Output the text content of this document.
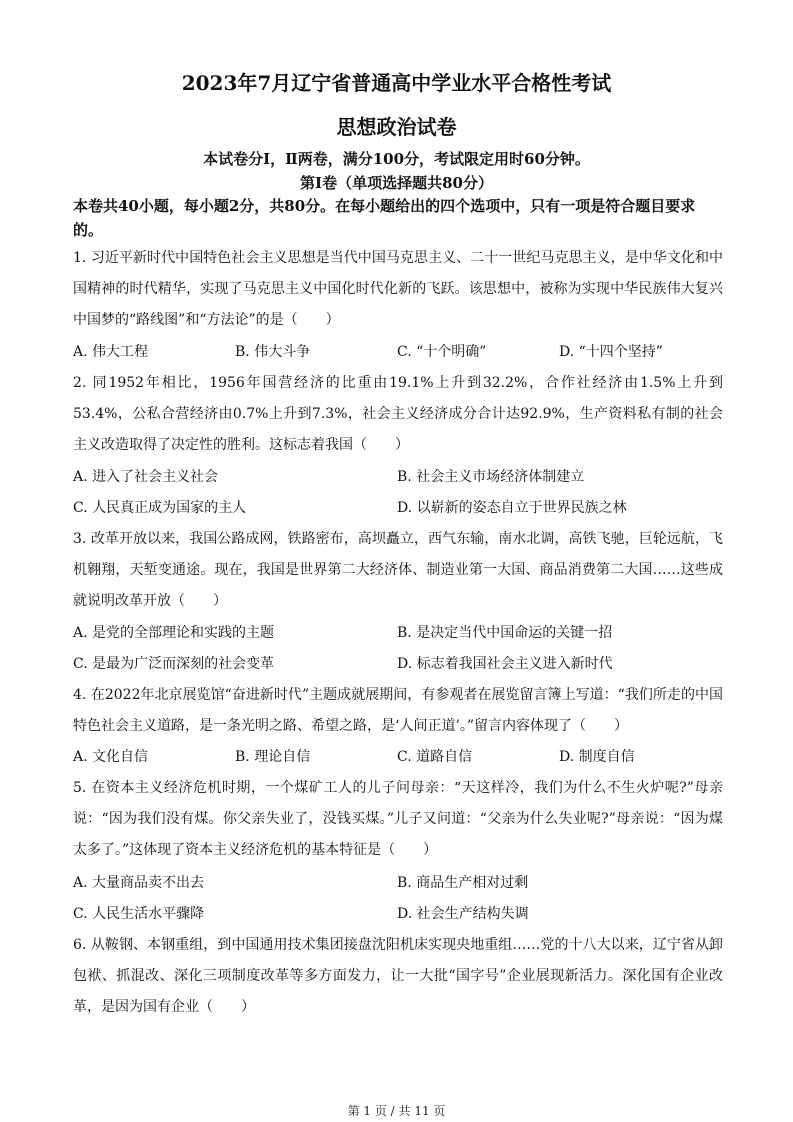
2023年7月辽宁省普通高中学业水平合格性考试
思想政治试卷
本试卷分Ⅰ，Ⅱ两卷，满分100分，考试限定用时60分钟。
第Ⅰ卷（单项选择题共80分）
本卷共40小题，每小题2分，共80分。在每小题给出的四个选项中，只有一项是符合题目要求的。
1. 习近平新时代中国特色社会主义思想是当代中国马克思主义、二十一世纪马克思主义，是中华文化和中国精神的时代精华，实现了马克思主义中国化时代化新的飞跃。该思想中，被称为实现中华民族伟大复兴中国梦的“路线图”和“方法论”的是（　　）
A. 伟大工程	B. 伟大斗争	C. “十个明确”	D. “十四个坚持”
2. 同1952年相比，1956年国营经济的比重由19.1%上升到32.2%，合作社经济由1.5%上升到53.4%，公私合营经济由0.7%上升到7.3%，社会主义经济成分合计达92.9%，生产资料私有制的社会主义改造取得了决定性的胜利。这标志着我国（　　）
A. 进入了社会主义社会	B. 社会主义市场经济体制建立
C. 人民真正成为国家的主人	D. 以崭新的姿态自立于世界民族之林
3. 改革开放以来，我国公路成网，铁路密布，高坝矗立，西气东输，南水北调，高铁飞驰，巨轮远航，飞机翱翔，天堑变通途。现在，我国是世界第二大经济体、制造业第一大国、商品消费第二大国……这些成就说明改革开放（　　）
A. 是党的全部理论和实践的主题	B. 是决定当代中国命运的关键一招
C. 是最为广泛而深刻的社会变革	D. 标志着我国社会主义进入新时代
4. 在2022年北京展览馆“奋进新时代”主题成就展期间，有参观者在展览留言簿上写道：“我们所走的中国特色社会主义道路，是一条光明之路、希望之路，是‘人间正道’。”留言内容体现了（　　）
A. 文化自信	B. 理论自信	C. 道路自信	D. 制度自信
5. 在资本主义经济危机时期，一个煤矿工人的儿子问母亲：“天这样冷，我们为什么不生火炉呢?”母亲说：“因为我们没有煤。你父亲失业了，没钱买煤。”儿子又问道：“父亲为什么失业呢?”母亲说：“因为煤太多了。”这体现了资本主义经济危机的基本特征是（　　）
A. 大量商品卖不出去	B. 商品生产相对过剩
C. 人民生活水平骤降	D. 社会生产结构失调
6. 从鞍钢、本钢重组，到中国通用技术集团接盘沈阳机床实现央地重组……党的十八大以来，辽宁省从卸包袱、抓混改、深化三项制度改革等多方面发力，让一大批“国字号”企业展现新活力。深化国有企业改革，是因为国有企业（　　）
第 1 页 / 共 11 页
